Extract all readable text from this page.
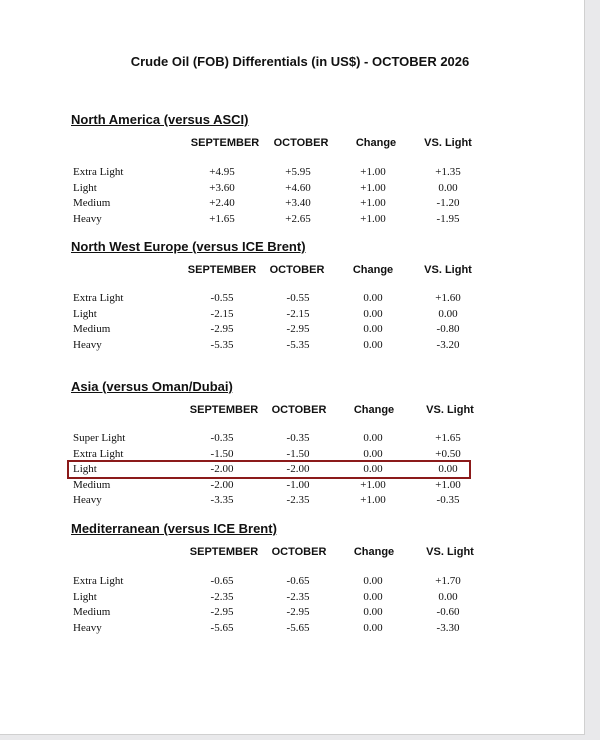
Crude Oil (FOB) Differentials (in US$) - OCTOBER 2026
North America (versus ASCI)
SEPTEMBER OCTOBER Change	VS. Light
Extra Light	+4.95	+5.95	+1.00	+1.35
Light	+3.60	+4.60	+1.00	0.00
Medium	+2.40	+3.40	+1.00	-1.20
Heavy	+1.65	+2.65	+1.00	-1.95
North West Europe (versus ICE Brent)
SEPTEMBER OCTOBER	Change	VS. Light
Extra Light	-0.55	-0.55	0.00	+1.60
Light	-2.15	-2.15	0.00	0.00
Medium	-2.95	-2.95	0.00	-0.80
Heavy	-5.35	-5.35	0.00	-3.20
Asia (versus Oman/Dubai)
SEPTEMBER OCTOBER Change	VS. Light
Super Light	-0.35	-0.35	0.00	+1.65
Extra Light	-1.50	-1.50	0.00	+0.50
Light	-2.00	-2.00	0.00	0.00
Medium	-2.00	-1.00	+1.00	+1.00
Heavy	-3.35	-2.35	+1.00	-0.35
Mediterranean (versus ICE Brent)
SEPTEMBER OCTOBER Change	VS. Light
Extra Light	-0.65	-0.65	0.00	+1.70
Light	-2.35	-2.35	0.00	0.00
Medium	-2.95	-2.95	0.00	-0.60
Heavy	-5.65	-5.65	0.00	-3.30
